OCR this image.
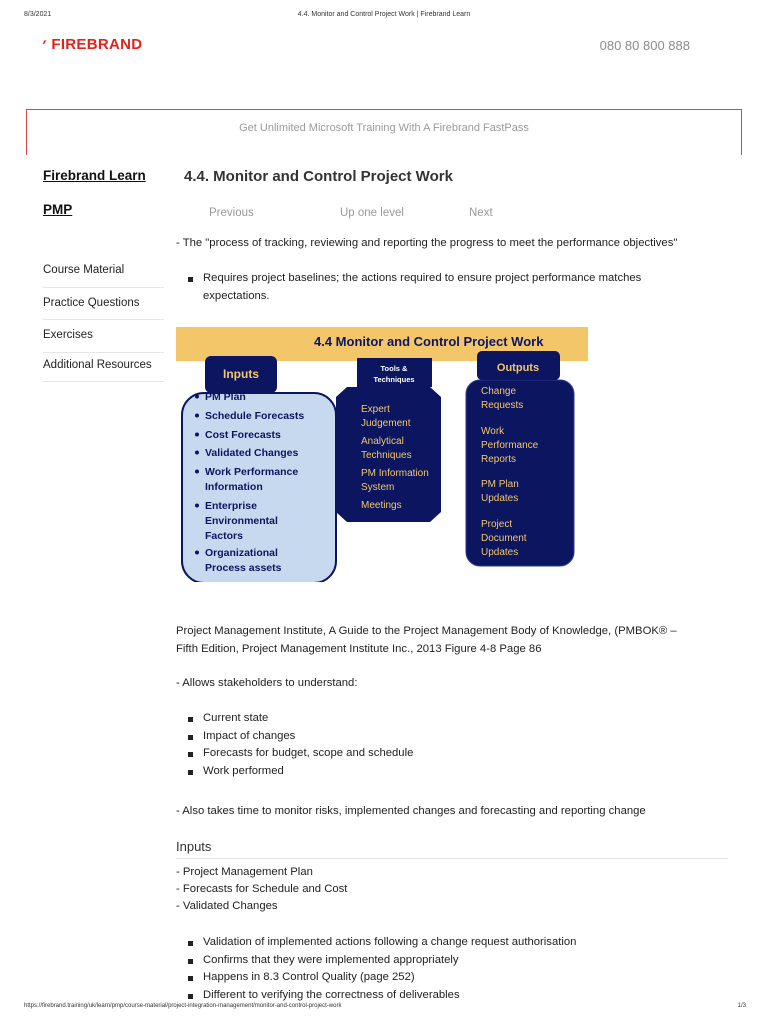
8/3/2021	4.4. Monitor and Control Project Work | Firebrand Learn
′ FIREBRAND	080 80 800 888
Get Unlimited Microsoft Training With A Firebrand FastPass
Firebrand Learn
PMP
Course Material
Practice Questions
Exercises
Additional Resources
4.4. Monitor and Control Project Work
Previous	Up one level	Next
- The "process of tracking, reviewing and reporting the progress to meet the performance objectives"
Requires project baselines; the actions required to ensure project performance matches expectations.
4.4 Monitor and Control Project Work
Inputs
PM Plan
Schedule Forecasts
Cost Forecasts
Validated Changes
Work Performance
Information
Enterprise
Environmental
Factors
Organizational
Process assets
Tools &
Techniques
Expert
Judgement
Analytical
Techniques
PM Information
System
Meetings
Outputs
Change
Requests
Work
Performance
Reports
PM Plan
Updates
Project
Document
Updates
Project Management Institute, A Guide to the Project Management Body of Knowledge, (PMBOK® –
Fifth Edition, Project Management Institute Inc., 2013 Figure 4-8 Page 86
- Allows stakeholders to understand:
Current state
Impact of changes
Forecasts for budget, scope and schedule
Work performed
- Also takes time to monitor risks, implemented changes and forecasting and reporting change
Inputs
- Project Management Plan
- Forecasts for Schedule and Cost
- Validated Changes
Validation of implemented actions following a change request authorisation
Confirms that they were implemented appropriately
Happens in 8.3 Control Quality (page 252)
Different to verifying the correctness of deliverables
https://firebrand.training/uk/learn/pmp/course-material/project-integration-management/monitor-and-control-project-work	1/3
